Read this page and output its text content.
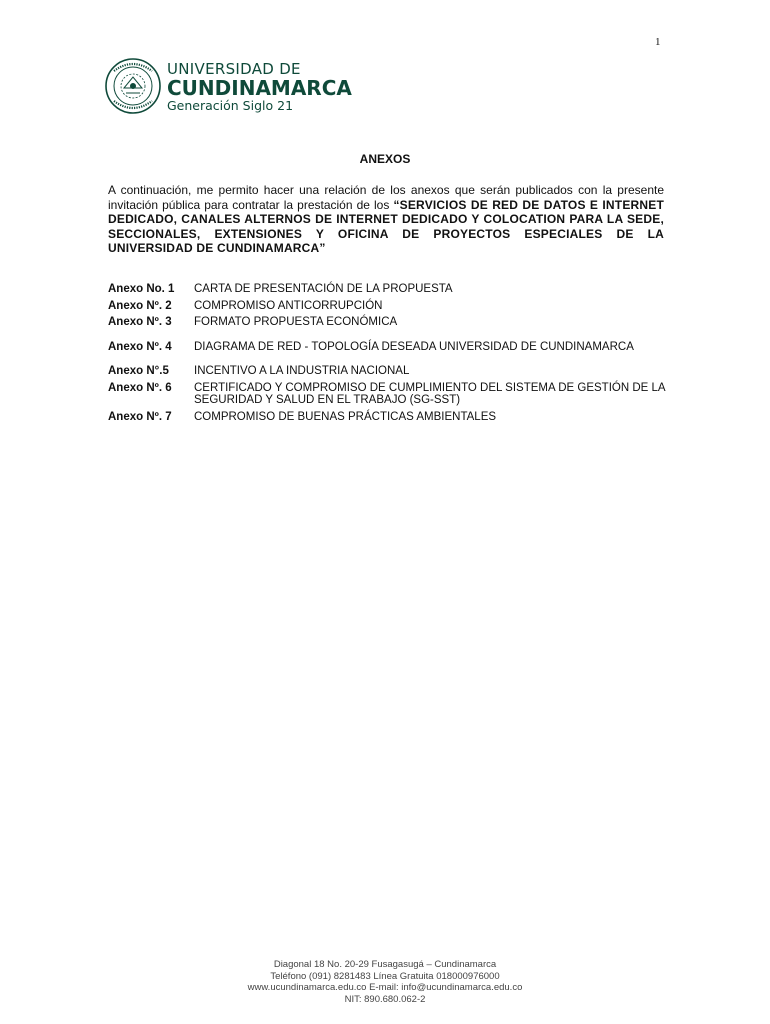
1
UNIVERSIDAD DE
CUNDINAMARCA
Generación Siglo 21
ANEXOS
A continuación, me permito hacer una relación de los anexos que serán publicados con la presente invitación pública para contratar la prestación de los “SERVICIOS DE RED DE DATOS E INTERNET DEDICADO, CANALES ALTERNOS DE INTERNET DEDICADO Y COLOCATION PARA LA SEDE, SECCIONALES, EXTENSIONES Y OFICINA DE PROYECTOS ESPECIALES DE LA UNIVERSIDAD DE CUNDINAMARCA”
Anexo No. 1	CARTA DE PRESENTACIÓN DE LA PROPUESTA
Anexo Nº. 2	COMPROMISO ANTICORRUPCIÓN
Anexo Nº. 3	FORMATO PROPUESTA ECONÓMICA
Anexo Nº. 4	DIAGRAMA DE RED - TOPOLOGÍA DESEADA UNIVERSIDAD DE CUNDINAMARCA
Anexo N°.5	INCENTIVO A LA INDUSTRIA NACIONAL
Anexo Nº. 6	CERTIFICADO Y COMPROMISO DE CUMPLIMIENTO DEL SISTEMA DE GESTIÓN DE LA SEGURIDAD Y SALUD EN EL TRABAJO (SG-SST)
Anexo Nº. 7	COMPROMISO DE BUENAS PRÁCTICAS AMBIENTALES
Diagonal 18 No. 20-29 Fusagasugá – Cundinamarca
Teléfono (091) 8281483 Línea Gratuita 018000976000
www.ucundinamarca.edu.co E-mail: info@ucundinamarca.edu.co
NIT: 890.680.062-2
